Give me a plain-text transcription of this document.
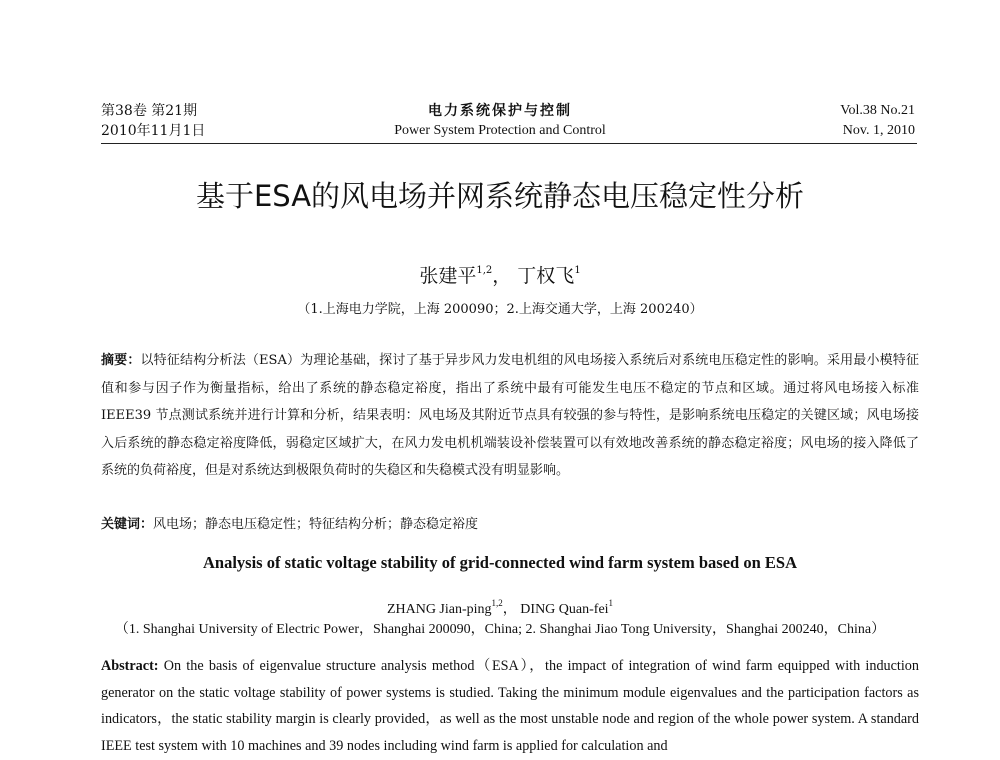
第38卷 第21期
2010年11月1日
电力系统保护与控制
Power System Protection and Control
Vol.38 No.21
Nov. 1, 2010
基于ESA的风电场并网系统静态电压稳定性分析
张建平$^{1,2}$， 丁权飞$^1$
（1.上海电力学院，上海 200090；2.上海交通大学，上海 200240）
摘要：以特征结构分析法（ESA）为理论基础，探讨了基于异步风力发电机组的风电场接入系统后对系统电压稳定性的影响。采用最小模特征值和参与因子作为衡量指标，给出了系统的静态稳定裕度，指出了系统中最有可能发生电压不稳定的节点和区域。通过将风电场接入标准 IEEE39 节点测试系统并进行计算和分析，结果表明：风电场及其附近节点具有较强的参与特性，是影响系统电压稳定的关键区域；风电场接入后系统的静态稳定裕度降低，弱稳定区域扩大，在风力发电机机端装设补偿装置可以有效地改善系统的静态稳定裕度；风电场的接入降低了系统的负荷裕度，但是对系统达到极限负荷时的失稳区和失稳模式没有明显影响。
关键词：风电场；静态电压稳定性；特征结构分析；静态稳定裕度
Analysis of static voltage stability of grid-connected wind farm system based on ESA
ZHANG Jian-ping$^{1,2}$， DING Quan-fei$^1$
（1. Shanghai University of Electric Power，Shanghai 200090，China; 2. Shanghai Jiao Tong University，Shanghai 200240，China）
Abstract: On the basis of eigenvalue structure analysis method（ESA），the impact of integration of wind farm equipped with induction generator on the static voltage stability of power systems is studied. Taking the minimum module eigenvalues and the participation factors as indicators，the static stability margin is clearly provided，as well as the most unstable node and region of the whole power system. A standard IEEE test system with 10 machines and 39 nodes including wind farm is applied for calculation and
